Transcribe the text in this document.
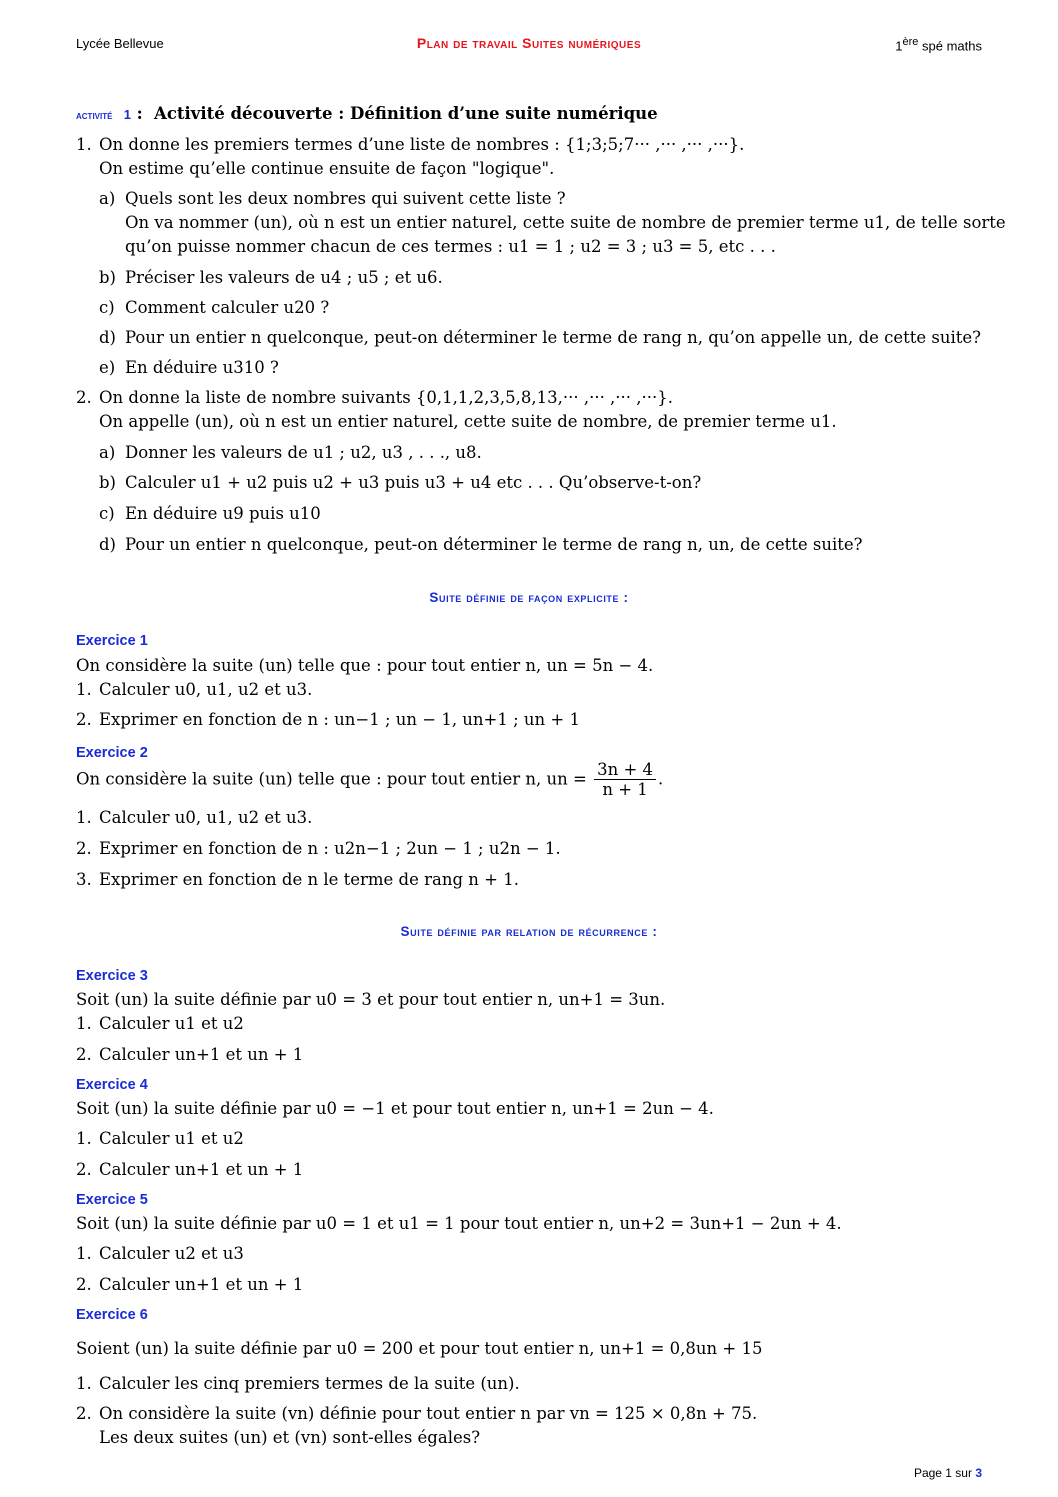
Lycée Bellevue	Plan de travail Suites numériques	1ère spé maths
activité 1 : Activité découverte : Définition d’une suite numérique
1. On donne les premiers termes d’une liste de nombres : {1;3;5;7··· ,··· ,··· ,···}.
On estime qu’elle continue ensuite de façon "logique".
a) Quels sont les deux nombres qui suivent cette liste ?
On va nommer (un), où n est un entier naturel, cette suite de nombre de premier terme u1, de telle sorte
qu’on puisse nommer chacun de ces termes : u1 = 1 ; u2 = 3 ; u3 = 5, etc . . .
b) Préciser les valeurs de u4 ; u5 ; et u6.
c) Comment calculer u20 ?
d) Pour un entier n quelconque, peut-on déterminer le terme de rang n, qu’on appelle un, de cette suite?
e) En déduire u310 ?
2. On donne la liste de nombre suivants {0,1,1,2,3,5,8,13,··· ,··· ,··· ,···}.
On appelle (un), où n est un entier naturel, cette suite de nombre, de premier terme u1.
a) Donner les valeurs de u1 ; u2, u3 , . . ., u8.
b) Calculer u1 + u2 puis u2 + u3 puis u3 + u4 etc . . . Qu’observe-t-on?
c) En déduire u9 puis u10
d) Pour un entier n quelconque, peut-on déterminer le terme de rang n, un, de cette suite?
Suite définie de façon explicite :
Exercice 1
On considère la suite (un) telle que : pour tout entier n, un = 5n − 4.
1. Calculer u0, u1, u2 et u3.
2. Exprimer en fonction de n : un−1 ; un − 1, un+1 ; un + 1
Exercice 2
On considère la suite (un) telle que : pour tout entier n, un = $\frac{3n + 4}{n + 1}$ .
1. Calculer u0, u1, u2 et u3.
2. Exprimer en fonction de n : u2n−1 ; 2un − 1 ; u2n − 1.
3. Exprimer en fonction de n le terme de rang n + 1.
Suite définie par relation de récurrence :
Exercice 3
Soit (un) la suite définie par u0 = 3 et pour tout entier n, un+1 = 3un.
1. Calculer u1 et u2
2. Calculer un+1 et un + 1
Exercice 4
Soit (un) la suite définie par u0 = −1 et pour tout entier n, un+1 = 2un − 4.
1. Calculer u1 et u2
2. Calculer un+1 et un + 1
Exercice 5
Soit (un) la suite définie par u0 = 1 et u1 = 1 pour tout entier n, un+2 = 3un+1 − 2un + 4.
1. Calculer u2 et u3
2. Calculer un+1 et un + 1
Exercice 6
Soient (un) la suite définie par u0 = 200 et pour tout entier n, un+1 = 0,8un + 15
1. Calculer les cinq premiers termes de la suite (un).
2. On considère la suite (vn) définie pour tout entier n par vn = 125 × 0,8n + 75.
Les deux suites (un) et (vn) sont-elles égales?
Page 1 sur 3
